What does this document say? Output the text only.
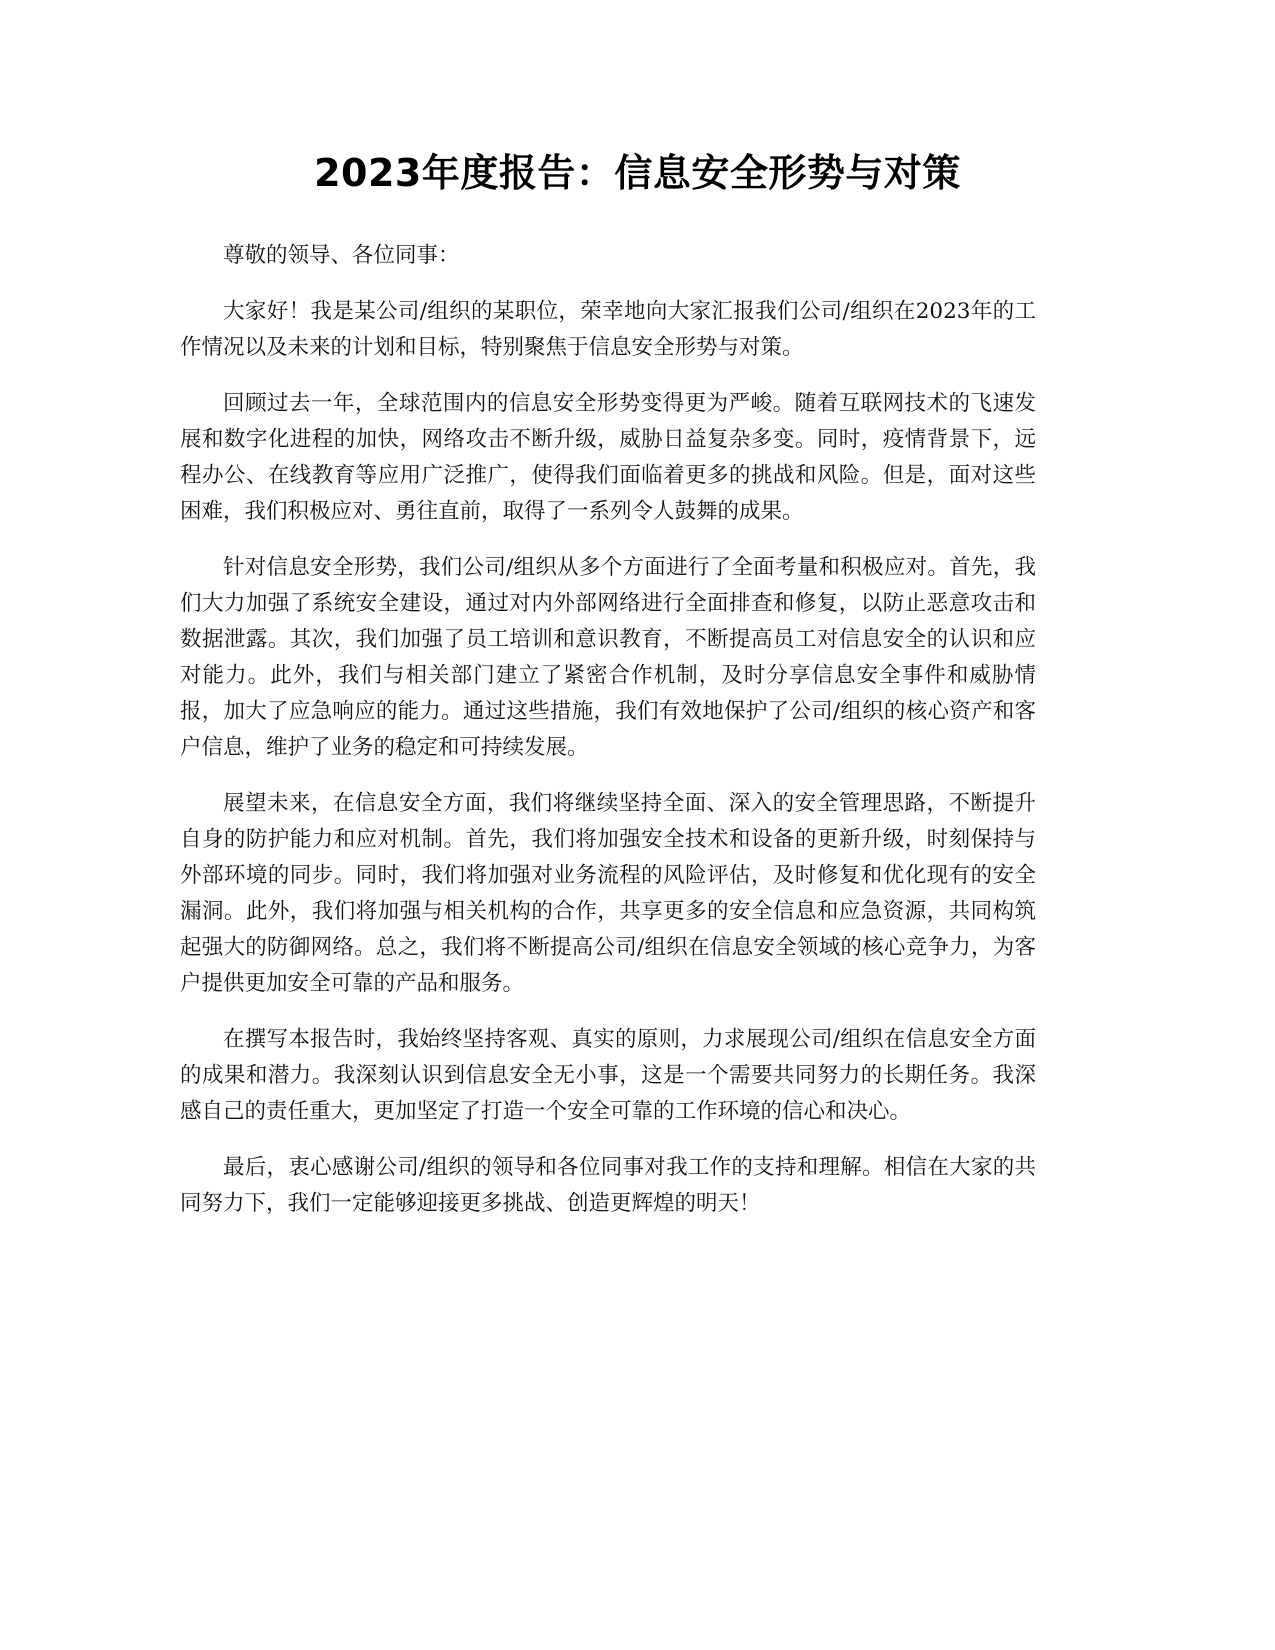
2023年度报告：信息安全形势与对策

尊敬的领导、各位同事：

大家好！我是某公司/组织的某职位，荣幸地向大家汇报我们公司/组织在2023年的工作情况以及未来的计划和目标，特别聚焦于信息安全形势与对策。

回顾过去一年，全球范围内的信息安全形势变得更为严峻。随着互联网技术的飞速发展和数字化进程的加快，网络攻击不断升级，威胁日益复杂多变。同时，疫情背景下，远程办公、在线教育等应用广泛推广，使得我们面临着更多的挑战和风险。但是，面对这些困难，我们积极应对、勇往直前，取得了一系列令人鼓舞的成果。

针对信息安全形势，我们公司/组织从多个方面进行了全面考量和积极应对。首先，我们大力加强了系统安全建设，通过对内外部网络进行全面排查和修复，以防止恶意攻击和数据泄露。其次，我们加强了员工培训和意识教育，不断提高员工对信息安全的认识和应对能力。此外，我们与相关部门建立了紧密合作机制，及时分享信息安全事件和威胁情报，加大了应急响应的能力。通过这些措施，我们有效地保护了公司/组织的核心资产和客户信息，维护了业务的稳定和可持续发展。

展望未来，在信息安全方面，我们将继续坚持全面、深入的安全管理思路，不断提升自身的防护能力和应对机制。首先，我们将加强安全技术和设备的更新升级，时刻保持与外部环境的同步。同时，我们将加强对业务流程的风险评估，及时修复和优化现有的安全漏洞。此外，我们将加强与相关机构的合作，共享更多的安全信息和应急资源，共同构筑起强大的防御网络。总之，我们将不断提高公司/组织在信息安全领域的核心竞争力，为客户提供更加安全可靠的产品和服务。

在撰写本报告时，我始终坚持客观、真实的原则，力求展现公司/组织在信息安全方面的成果和潜力。我深刻认识到信息安全无小事，这是一个需要共同努力的长期任务。我深感自己的责任重大，更加坚定了打造一个安全可靠的工作环境的信心和决心。

最后，衷心感谢公司/组织的领导和各位同事对我工作的支持和理解。相信在大家的共同努力下，我们一定能够迎接更多挑战、创造更辉煌的明天！
